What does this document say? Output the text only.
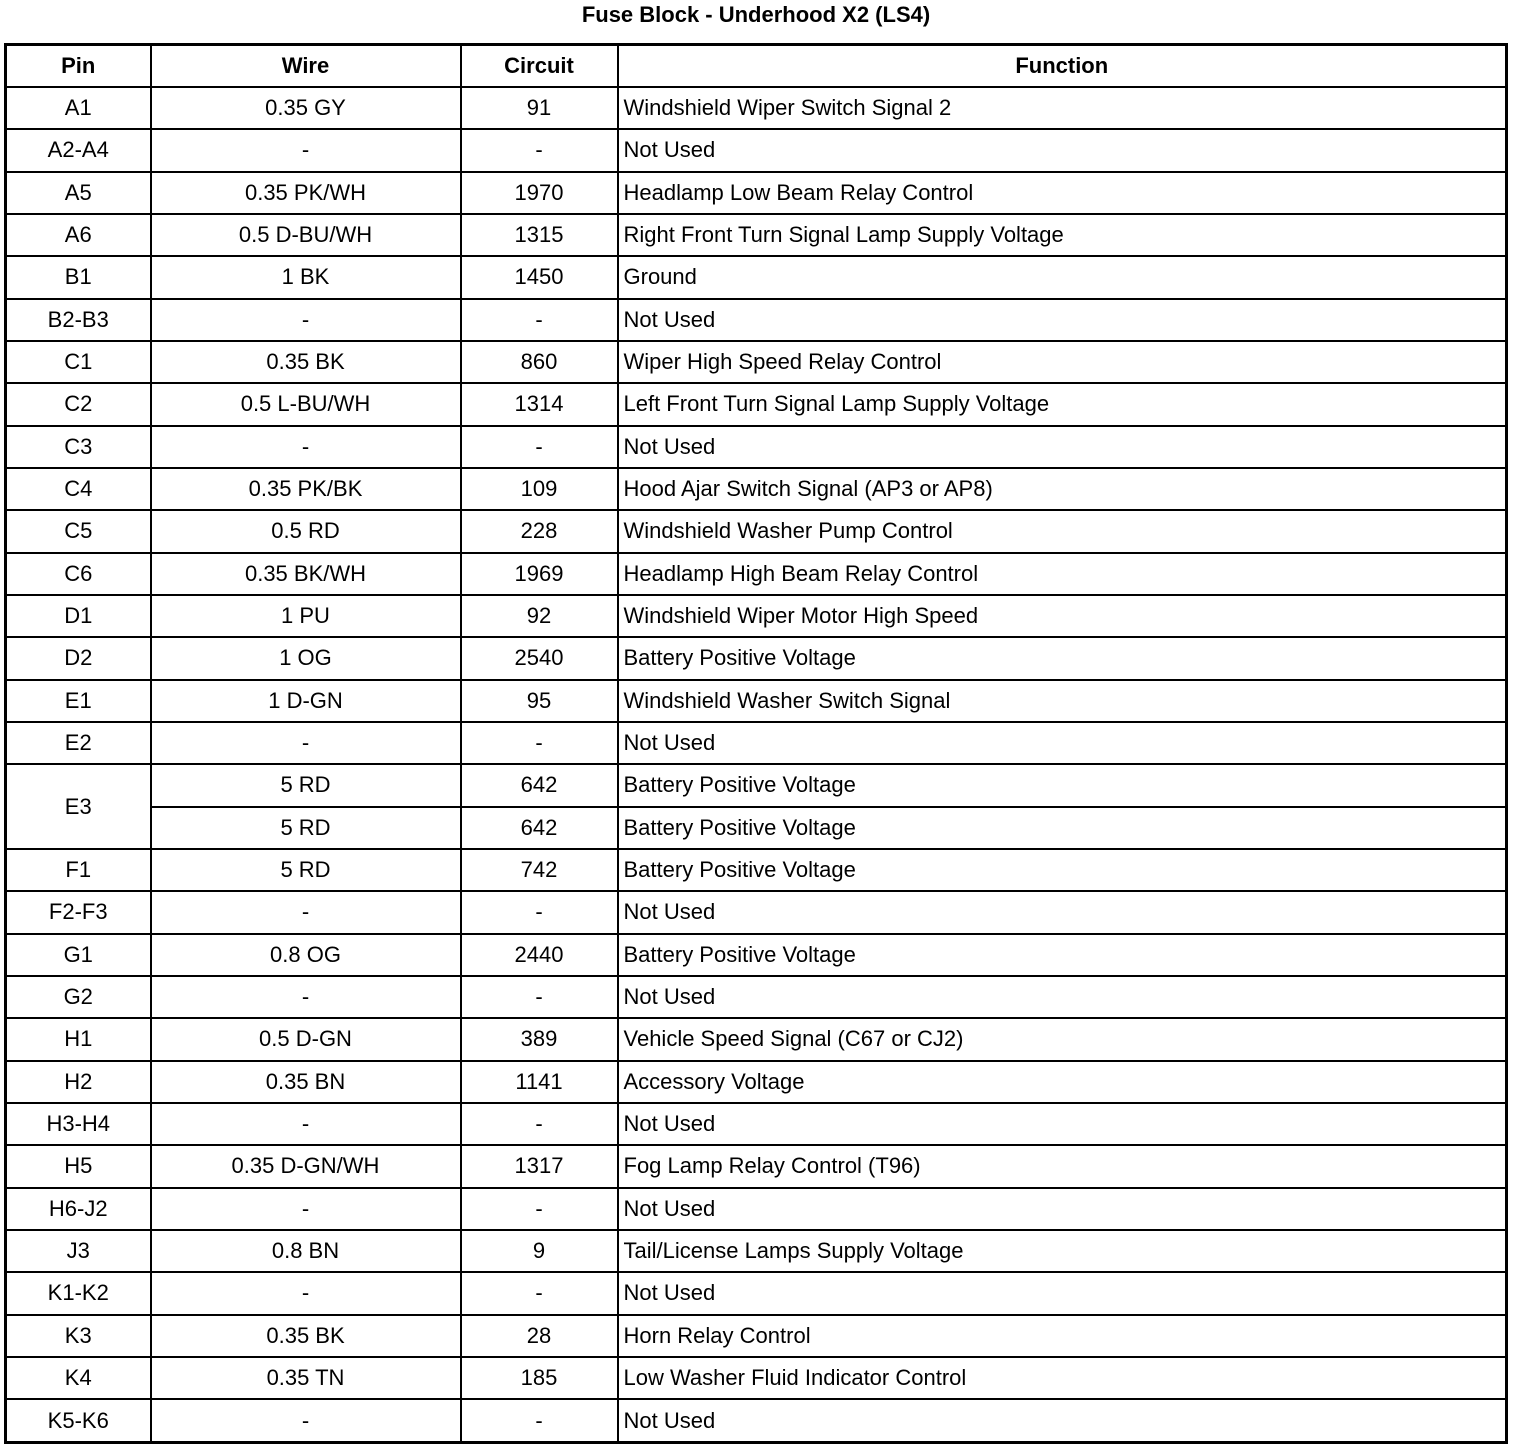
Fuse Block - Underhood X2 (LS4)
Pin	Wire	Circuit	Function
A1	0.35 GY	91	Windshield Wiper Switch Signal 2
A2-A4	-	-	Not Used
A5	0.35 PK/WH	1970	Headlamp Low Beam Relay Control
A6	0.5 D-BU/WH	1315	Right Front Turn Signal Lamp Supply Voltage
B1	1 BK	1450	Ground
B2-B3	-	-	Not Used
C1	0.35 BK	860	Wiper High Speed Relay Control
C2	0.5 L-BU/WH	1314	Left Front Turn Signal Lamp Supply Voltage
C3	-	-	Not Used
C4	0.35 PK/BK	109	Hood Ajar Switch Signal (AP3 or AP8)
C5	0.5 RD	228	Windshield Washer Pump Control
C6	0.35 BK/WH	1969	Headlamp High Beam Relay Control
D1	1 PU	92	Windshield Wiper Motor High Speed
D2	1 OG	2540	Battery Positive Voltage
E1	1 D-GN	95	Windshield Washer Switch Signal
E2	-	-	Not Used
E3	5 RD	642	Battery Positive Voltage
	5 RD	642	Battery Positive Voltage
F1	5 RD	742	Battery Positive Voltage
F2-F3	-	-	Not Used
G1	0.8 OG	2440	Battery Positive Voltage
G2	-	-	Not Used
H1	0.5 D-GN	389	Vehicle Speed Signal (C67 or CJ2)
H2	0.35 BN	1141	Accessory Voltage
H3-H4	-	-	Not Used
H5	0.35 D-GN/WH	1317	Fog Lamp Relay Control (T96)
H6-J2	-	-	Not Used
J3	0.8 BN	9	Tail/License Lamps Supply Voltage
K1-K2	-	-	Not Used
K3	0.35 BK	28	Horn Relay Control
K4	0.35 TN	185	Low Washer Fluid Indicator Control
K5-K6	-	-	Not Used
